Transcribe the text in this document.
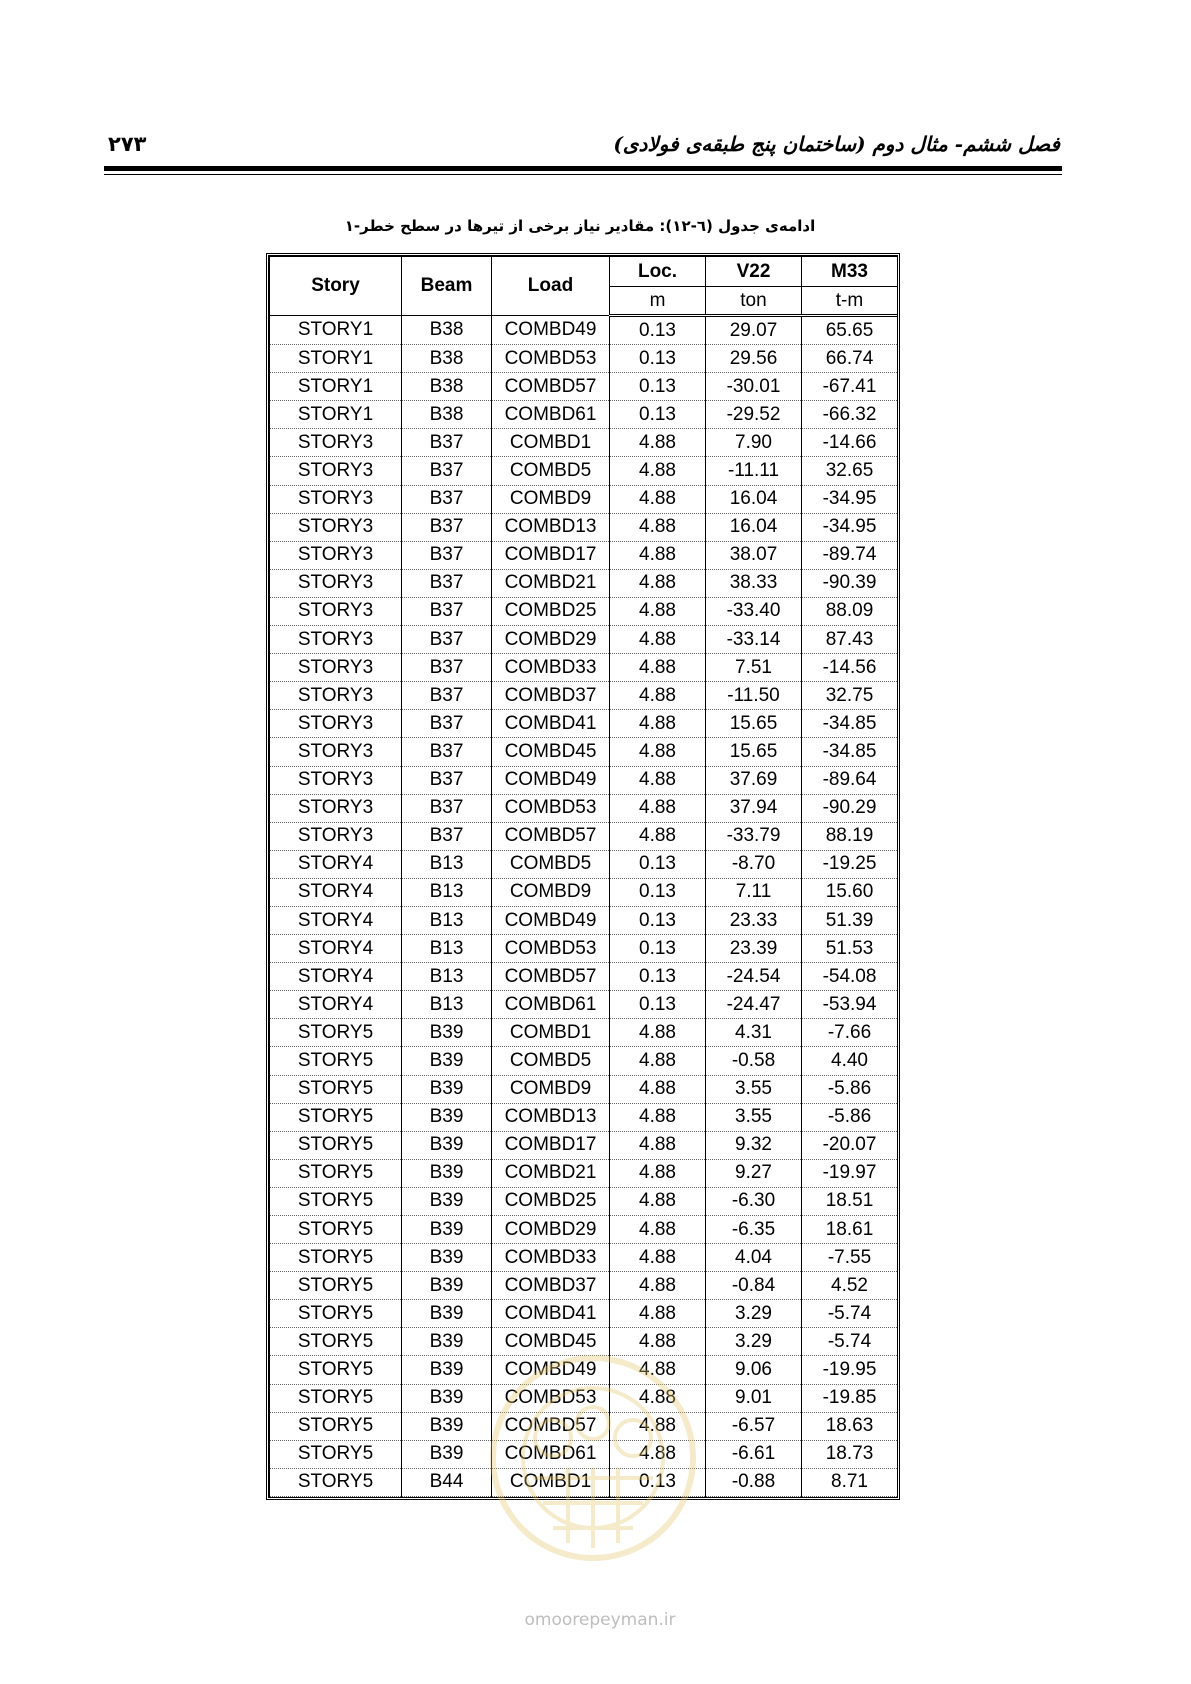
۲۷۳	فصل ششم- مثال دوم (ساختمان پنج طبقه‌ی فولادی)
ادامه‌ی جدول (٦-١٢): مقادیر نیاز برخی از تیرها در سطح خطر-۱
Story	Beam	Load	Loc.	V22	M33
			m	ton	t-m
STORY1	B38	COMBD49	0.13	29.07	65.65
STORY1	B38	COMBD53	0.13	29.56	66.74
STORY1	B38	COMBD57	0.13	-30.01	-67.41
STORY1	B38	COMBD61	0.13	-29.52	-66.32
STORY3	B37	COMBD1	4.88	7.90	-14.66
STORY3	B37	COMBD5	4.88	-11.11	32.65
STORY3	B37	COMBD9	4.88	16.04	-34.95
STORY3	B37	COMBD13	4.88	16.04	-34.95
STORY3	B37	COMBD17	4.88	38.07	-89.74
STORY3	B37	COMBD21	4.88	38.33	-90.39
STORY3	B37	COMBD25	4.88	-33.40	88.09
STORY3	B37	COMBD29	4.88	-33.14	87.43
STORY3	B37	COMBD33	4.88	7.51	-14.56
STORY3	B37	COMBD37	4.88	-11.50	32.75
STORY3	B37	COMBD41	4.88	15.65	-34.85
STORY3	B37	COMBD45	4.88	15.65	-34.85
STORY3	B37	COMBD49	4.88	37.69	-89.64
STORY3	B37	COMBD53	4.88	37.94	-90.29
STORY3	B37	COMBD57	4.88	-33.79	88.19
STORY4	B13	COMBD5	0.13	-8.70	-19.25
STORY4	B13	COMBD9	0.13	7.11	15.60
STORY4	B13	COMBD49	0.13	23.33	51.39
STORY4	B13	COMBD53	0.13	23.39	51.53
STORY4	B13	COMBD57	0.13	-24.54	-54.08
STORY4	B13	COMBD61	0.13	-24.47	-53.94
STORY5	B39	COMBD1	4.88	4.31	-7.66
STORY5	B39	COMBD5	4.88	-0.58	4.40
STORY5	B39	COMBD9	4.88	3.55	-5.86
STORY5	B39	COMBD13	4.88	3.55	-5.86
STORY5	B39	COMBD17	4.88	9.32	-20.07
STORY5	B39	COMBD21	4.88	9.27	-19.97
STORY5	B39	COMBD25	4.88	-6.30	18.51
STORY5	B39	COMBD29	4.88	-6.35	18.61
STORY5	B39	COMBD33	4.88	4.04	-7.55
STORY5	B39	COMBD37	4.88	-0.84	4.52
STORY5	B39	COMBD41	4.88	3.29	-5.74
STORY5	B39	COMBD45	4.88	3.29	-5.74
STORY5	B39	COMBD49	4.88	9.06	-19.95
STORY5	B39	COMBD53	4.88	9.01	-19.85
STORY5	B39	COMBD57	4.88	-6.57	18.63
STORY5	B39	COMBD61	4.88	-6.61	18.73
STORY5	B44	COMBD1	0.13	-0.88	8.71
omoorepeyman.ir
